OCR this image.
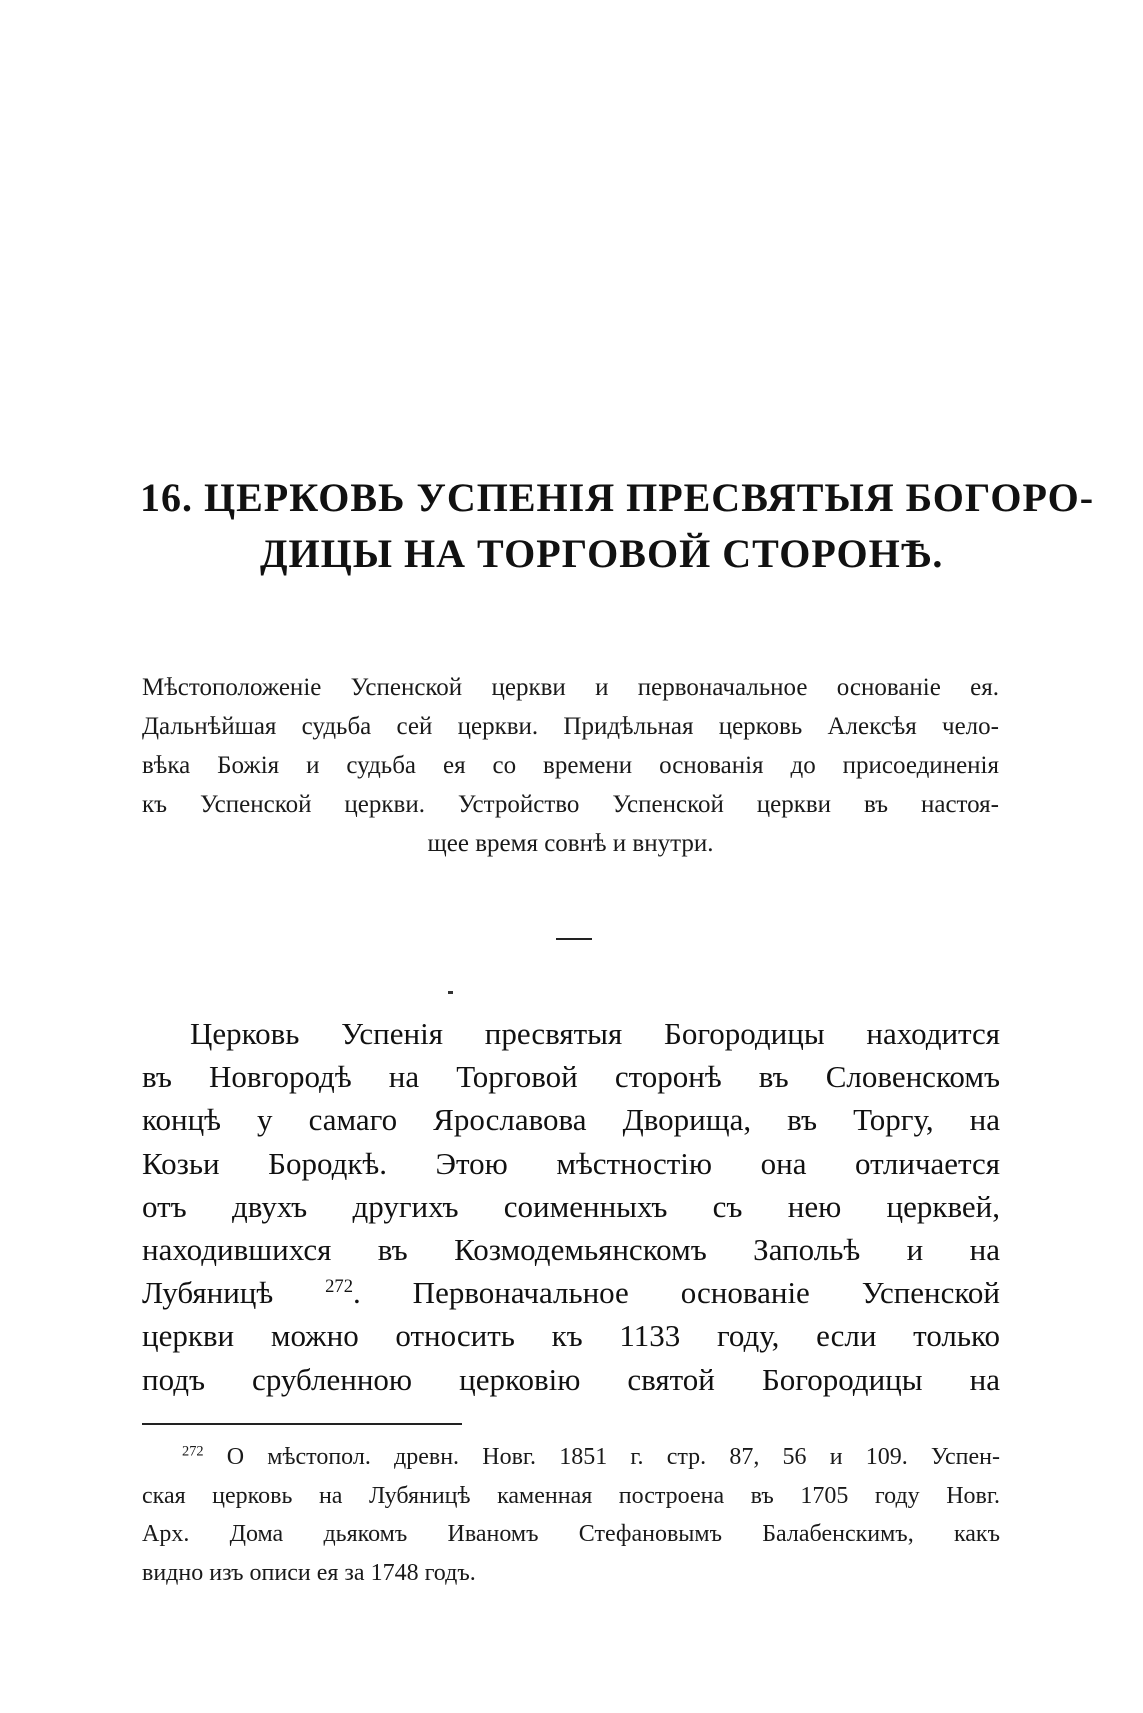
16. ЦЕРКОВЬ УСПЕНІЯ ПРЕСВЯТЫЯ БОГОРО-
ДИЦЫ НА ТОРГОВОЙ СТОРОНѢ.
Мѣстоположеніе Успенской церкви и первоначальное основаніе ея.
Дальнѣйшая судьба сей церкви. Придѣльная церковь Алексѣя чело-
вѣка Божія и судьба ея со времени основанія до присоединенія
къ Успенской церкви. Устройство Успенской церкви въ настоя-
щее время совнѣ и внутри.
Церковь Успенія пресвятыя Богородицы находится
въ Новгородѣ на Торговой сторонѣ въ Словенскомъ
концѣ у самаго Ярославова Дворища, въ Торгу, на
Козьи Бородкѣ. Этою мѣстностію она отличается
отъ двухъ другихъ соименныхъ съ нею церквей,
находившихся въ Козмодемьянскомъ Запольѣ и на
Лубяницѣ $^{272}$. Первоначальное основаніе Успенской
церкви можно относить къ 1133 году, если только
подъ срубленною церковію святой Богородицы на
$^{272}$ О мѣстопол. древн. Новг. 1851 г. стр. 87, 56 и 109. Успен-
ская церковь на Лубяницѣ каменная построена въ 1705 году Новг.
Арх. Дома дьякомъ Иваномъ Стефановымъ Балабенскимъ, какъ
видно изъ описи ея за 1748 годъ.
